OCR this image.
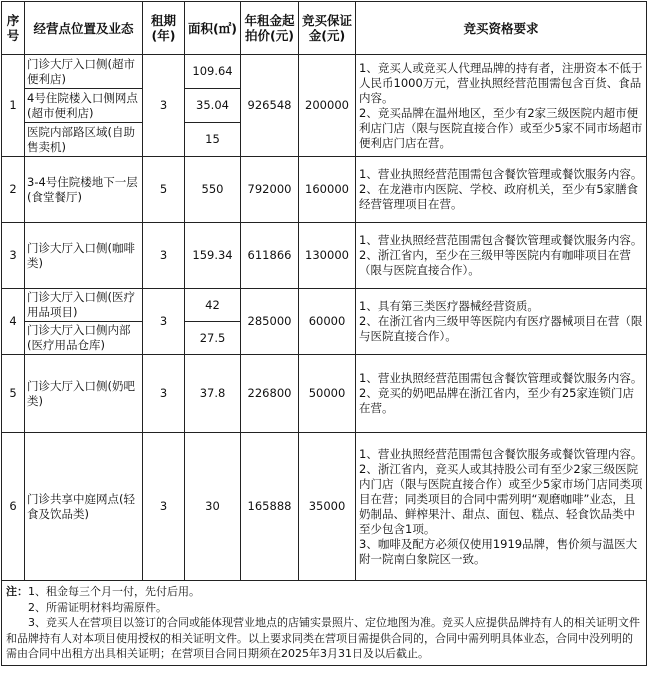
序号	经营点位置及业态	租期(年)	面积(㎡)	年租金起拍价(元)	竞买保证金(元)	竞买资格要求
1	门诊大厅入口侧(超市便利店)	3	109.64	926548	200000	1、竞买人或竞买人代理品牌的持有者，注册资本不低于人民币1000万元，营业执照经营范围需包含百货、食品内容。
2、竞买品牌在温州地区，至少有2家三级医院内超市便利店门店（限与医院直接合作）或至少5家不同市场超市便利店门店在营。

	4号住院楼入口侧网点(超市便利店)		35.04			
	医院内部路区域(自助售卖机)		15			
2	3-4号住院楼地下一层(食堂餐厅)	5	550	792000	160000	1、营业执照经营范围需包含餐饮管理或餐饮服务内容。
2、在龙港市内医院、学校、政府机关，至少有5家膳食经营管理项目在营。

3	门诊大厅入口侧(咖啡类)	3	159.34	611866	130000	1、营业执照经营范围需包含餐饮管理或餐饮服务内容。
2、浙江省内，至少在三级甲等医院内有咖啡项目在营（限与医院直接合作）。

4	门诊大厅入口侧(医疗用品项目)	3	42	285000	60000	1、具有第三类医疗器械经营资质。
2、在浙江省内三级甲等医院内有医疗器械项目在营（限与医院直接合作）。

	门诊大厅入口侧内部(医疗用品仓库)		27.5			
5	门诊大厅入口侧(奶吧类)	3	37.8	226800	50000	1、营业执照经营范围需包含餐饮管理或餐饮服务内容。
2、竞买的奶吧品牌在浙江省内，至少有25家连锁门店在营。

6	门诊共享中庭网点(轻食及饮品类)	3	30	165888	35000	1、营业执照经营范围需包含餐饮服务或餐饮管理内容。
2、浙江省内，竞买人或其持股公司有至少2家三级医院内门店（限与医院直接合作）或至少5家市场门店同类项目在营；同类项目的合同中需列明“观磨咖啡”业态，且奶制品、鲜榨果汁、甜点、面包、糕点、轻食饮品类中至少包含1项。
3、咖啡及配方必须仅使用1919品牌，售价须与温医大附一院南白象院区一致。

注：1、租金每三个月一付，先付后用。
2、所需证明材料均需原件。
3、竞买人在营项目以签订的合同或能体现营业地点的店铺实景照片、定位地图为准。竞买人应提供品牌持有人的相关证明文件和品牌持有人对本项目使用授权的相关证明文件。以上要求同类在营项目需提供合同的，合同中需列明具体业态，合同中没列明的需由合同中出租方出具相关证明；在营项目合同日期须在2025年3月31日及以后截止。						
